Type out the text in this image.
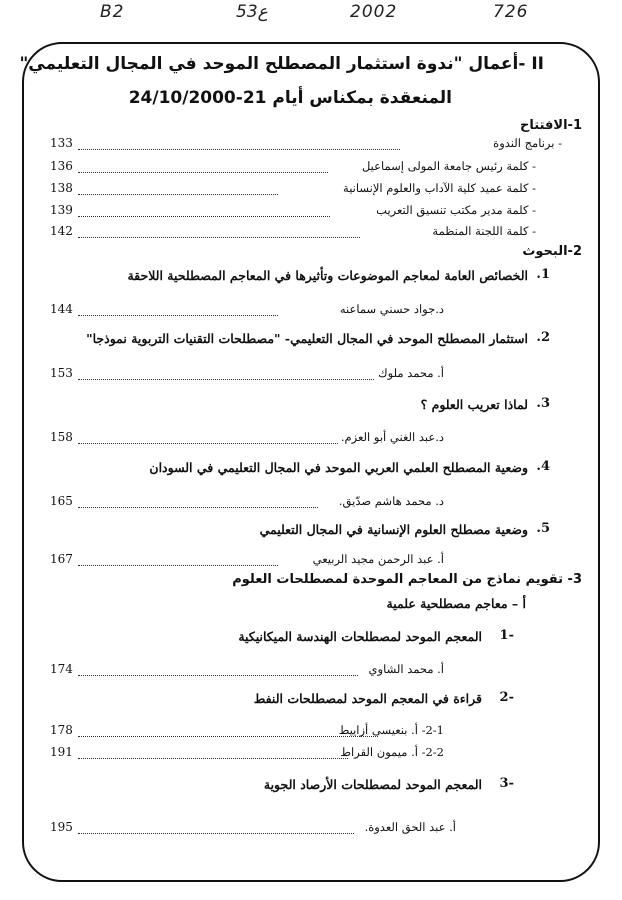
B2	53ع	2002	726
II -أعمال "ندوة استثمار المصطلح الموحد في المجال التعليمي"
المنعقدة بمكناس أيام 21-24/10/2000
1-الافتتاح
133	- برنامج الندوة
136	- كلمة رئيس جامعة المولى إسماعيل
138	- كلمة عميد كلية الآداب والعلوم الإنسانية
139	- كلمة مدير مكتب تنسيق التعريب
142	- كلمة اللجنة المنظمة
2-البحوث
1.
الخصائص العامة لمعاجم الموضوعات وتأثيرها في المعاجم المصطلحية اللاحقة
144	د.جواد حسني سماعنه
2.
استثمار المصطلح الموحد في المجال التعليمي- "مصطلحات التقنيات التربوية نموذجا"
153	أ. محمد ملوك
3.
لماذا تعريب العلوم ؟
158	د.عبد الغني أبو العزم.
4.
وضعية المصطلح العلمي العربي الموحد في المجال التعليمي في السودان
165	د. محمد هاشم صدّيق.
5.
وضعية مصطلح العلوم الإنسانية في المجال التعليمي
167	أ. عبد الرحمن مجيد الربيعي
3- تقويم نماذج من المعاجم الموحدة لمصطلحات العلوم
أ – معاجم مصطلحية علمية
-1
المعجم الموحد لمصطلحات الهندسة الميكانيكية
174	أ. محمد الشاوي
-2
قراءة في المعجم الموحد لمصطلحات النفط
178	2-1- أ. بنعيسى أزاييط
191	2-2- أ. ميمون القراط
-3
المعجم الموحد لمصطلحات الأرصاد الجوية
195	أ. عبد الحق العدوة.
